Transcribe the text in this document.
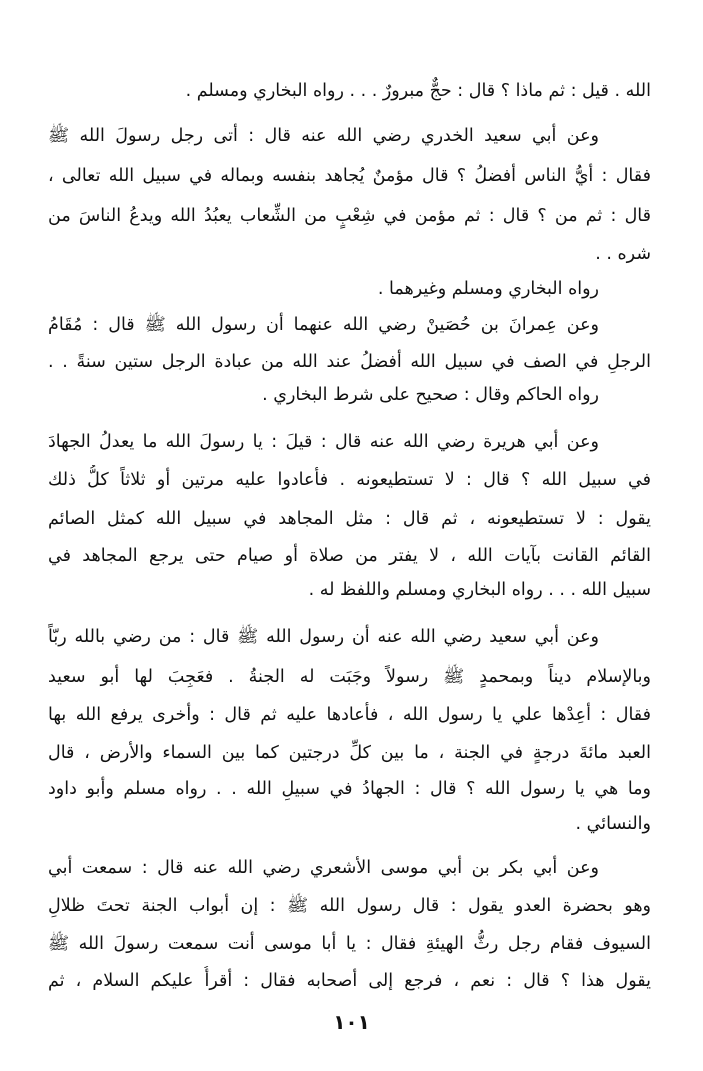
الله . قيل : ثم ماذا ؟ قال : حجٌّ مبرورٌ . . . رواه البخاري ومسلم .
وعن أبي سعيد الخدري رضي الله عنه قال : أتى رجل رسولَ الله ﷺ
فقال : أيُّ الناس أفضلُ ؟ قال مؤمنٌ يُجاهد بنفسه وبماله في سبيل الله تعالى ،
قال : ثم من ؟ قال : ثم مؤمن في شِعْبٍ من الشِّعاب يعبُدُ الله ويدعُ الناسَ من
شره . .
رواه البخاري ومسلم وغيرهما .
وعن عِمرانَ بن حُصَينْ رضي الله عنهما أن رسول الله ﷺ قال : مُقَامُ
الرجلِ في الصف في سبيل الله أفضلُ عند الله من عبادة الرجل ستين سنةً . .
رواه الحاكم وقال : صحيح على شرط البخاري .
وعن أبي هريرة رضي الله عنه قال : قيلَ : يا رسولَ الله ما يعدلُ الجهادَ
في سبيل الله ؟ قال : لا تستطيعونه . فأعادوا عليه مرتين أو ثلاثاً كلُّ ذلك
يقول : لا تستطيعونه ، ثم قال : مثل المجاهد في سبيل الله كمثل الصائم
القائم القانت بآيات الله ، لا يفتر من صلاة أو صيام حتى يرجع المجاهد في
سبيل الله . . . رواه البخاري ومسلم واللفظ له .
وعن أبي سعيد رضي الله عنه أن رسول الله ﷺ قال : من رضي بالله ربّاً
وبالإسلام ديناً وبمحمدٍ ﷺ رسولاً وجَبَت له الجنةُ . فعَجِبَ لها أبو سعيد
فقال : أعِدْها علي يا رسول الله ، فأعادها عليه ثم قال : وأخرى يرفع الله بها
العبد مائةَ درجةٍ في الجنة ، ما بين كلِّ درجتين كما بين السماء والأرض ، قال
وما هي يا رسول الله ؟ قال : الجهادُ في سبيلِ الله . . رواه مسلم وأبو داود
والنسائي .
وعن أبي بكر بن أبي موسى الأشعري رضي الله عنه قال : سمعت أبي
وهو بحضرة العدو يقول : قال رسول الله ﷺ : إن أبواب الجنة تحتَ ظلالِ
السيوف فقام رجل رثُّ الهيئةِ فقال : يا أبا موسى أنت سمعت رسولَ الله ﷺ
يقول هذا ؟ قال : نعم ، فرجع إلى أصحابه فقال : أقرأُ عليكم السلام ، ثم
١٠١
